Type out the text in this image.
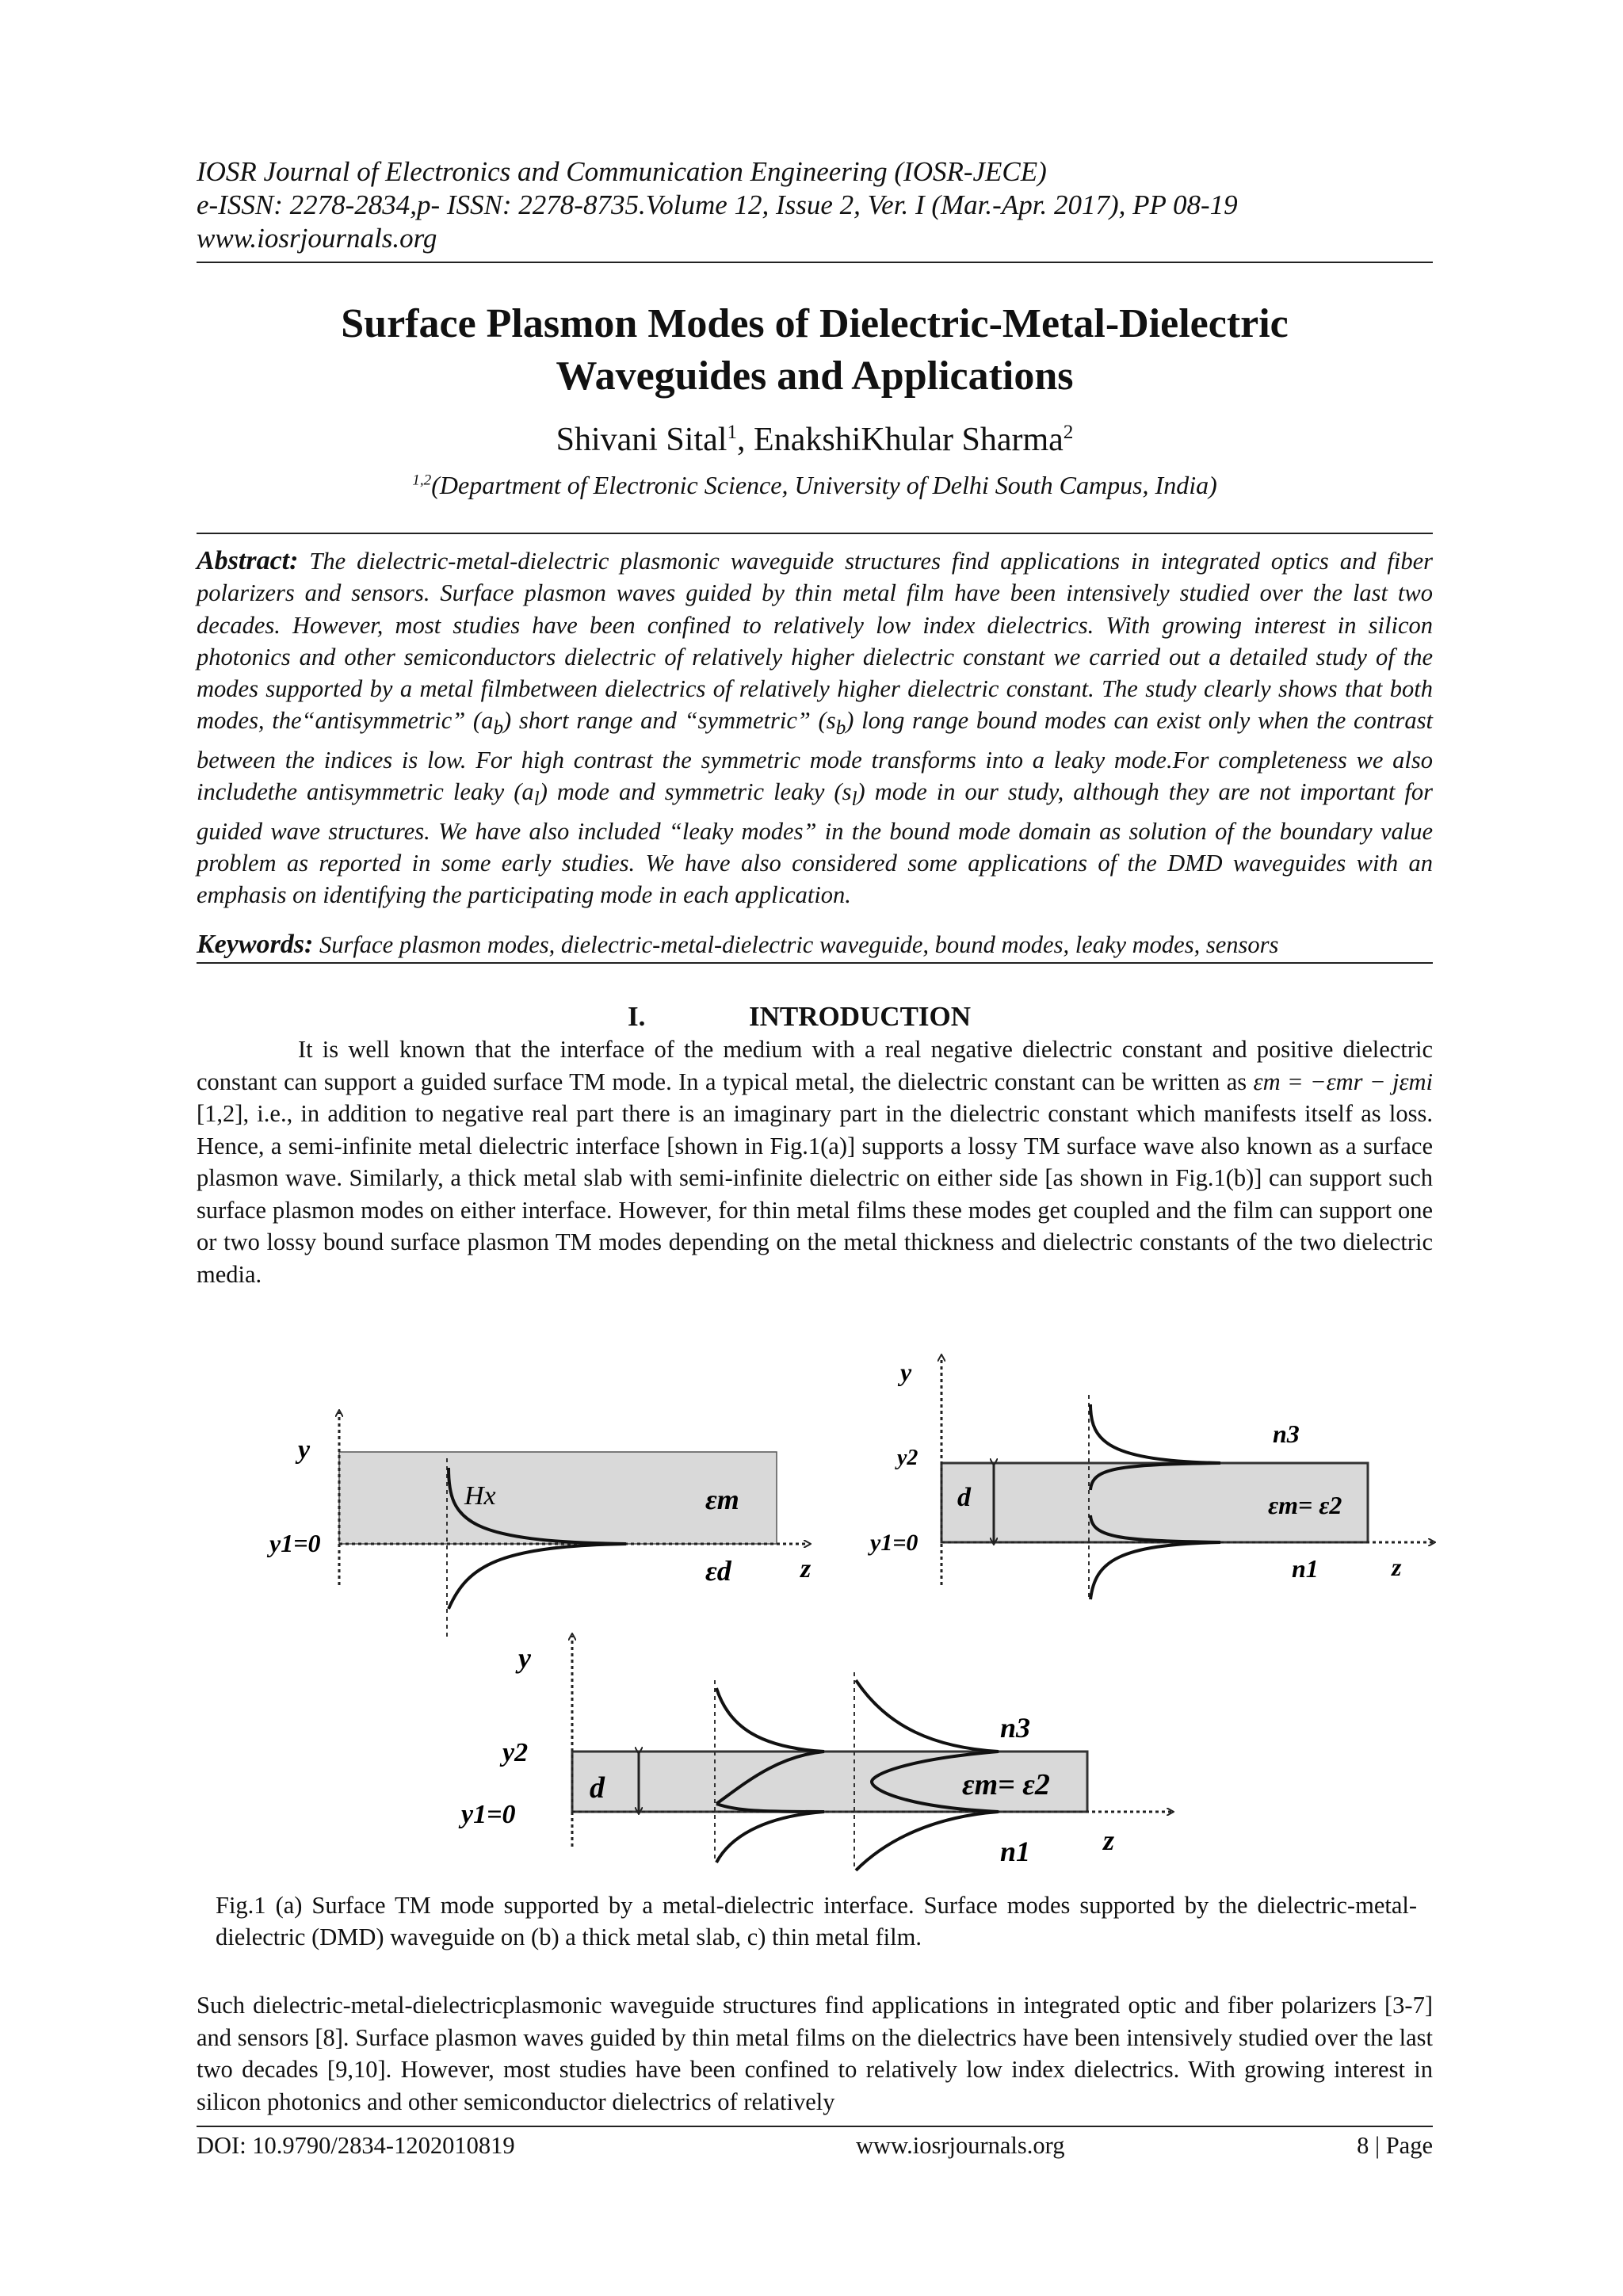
IOSR Journal of Electronics and Communication Engineering (IOSR-JECE)
e-ISSN: 2278-2834,p- ISSN: 2278-8735.Volume 12, Issue 2, Ver. I (Mar.-Apr. 2017), PP 08-19
www.iosrjournals.org
Surface Plasmon Modes of Dielectric-Metal-Dielectric
Waveguides and Applications
Shivani Sital$^1$, EnakshiKhular Sharma$^2$
$^{1,2}$(Department of Electronic Science, University of Delhi South Campus, India)
Abstract: The dielectric-metal-dielectric plasmonic waveguide structures find applications in integrated optics and fiber polarizers and sensors. Surface plasmon waves guided by thin metal film have been intensively studied over the last two decades. However, most studies have been confined to relatively low index dielectrics. With growing interest in silicon photonics and other semiconductors dielectric of relatively higher dielectric constant we carried out a detailed study of the modes supported by a metal filmbetween dielectrics of relatively higher dielectric constant. The study clearly shows that both modes, the“antisymmetric” $(a_b)$ short range and “symmetric” $(s_b)$ long range bound modes can exist only when the contrast between the indices is low. For high contrast the symmetric mode transforms into a leaky mode.For completeness we also includethe antisymmetric leaky $(a_l)$ mode and symmetric leaky $(s_l)$ mode in our study, although they are not important for guided wave structures. We have also included “leaky modes” in the bound mode domain as solution of the boundary value problem as reported in some early studies. We have also considered some applications of the DMD waveguides with an emphasis on identifying the participating mode in each application.
Keywords: Surface plasmon modes, dielectric-metal-dielectric waveguide, bound modes, leaky modes, sensors
I.	INTRODUCTION
It is well known that the interface of the medium with a real negative dielectric constant and positive dielectric constant can support a guided surface TM mode. In a typical metal, the dielectric constant can be written as εm = −εmr − jεmi [1,2], i.e., in addition to negative real part there is an imaginary part in the dielectric constant which manifests itself as loss. Hence, a semi-infinite metal dielectric interface [shown in Fig.1(a)] supports a lossy TM surface wave also known as a surface plasmon wave. Similarly, a thick metal slab with semi-infinite dielectric on either side [as shown in Fig.1(b)] can support such surface plasmon modes on either interface. However, for thin metal films these modes get coupled and the film can support one or two lossy bound surface plasmon TM modes depending on the metal thickness and dielectric constants of the two dielectric media.
y
y1=0
Hx	εm
εd	z
y
y2
y1=0
d
n3
εm= ε2
n1	z
y
y2
y1=0
d
n3
εm= ε2
n1	z
Fig.1 (a) Surface TM mode supported by a metal-dielectric interface. Surface modes supported by the dielectric-metal-dielectric (DMD) waveguide on (b) a thick metal slab, c) thin metal film.
Such dielectric-metal-dielectricplasmonic waveguide structures find applications in integrated optic and fiber polarizers [3-7] and sensors [8]. Surface plasmon waves guided by thin metal films on the dielectrics have been intensively studied over the last two decades [9,10]. However, most studies have been confined to relatively low index dielectrics. With growing interest in silicon photonics and other semiconductor dielectrics of relatively
DOI: 10.9790/2834-1202010819	www.iosrjournals.org	8 | Page
